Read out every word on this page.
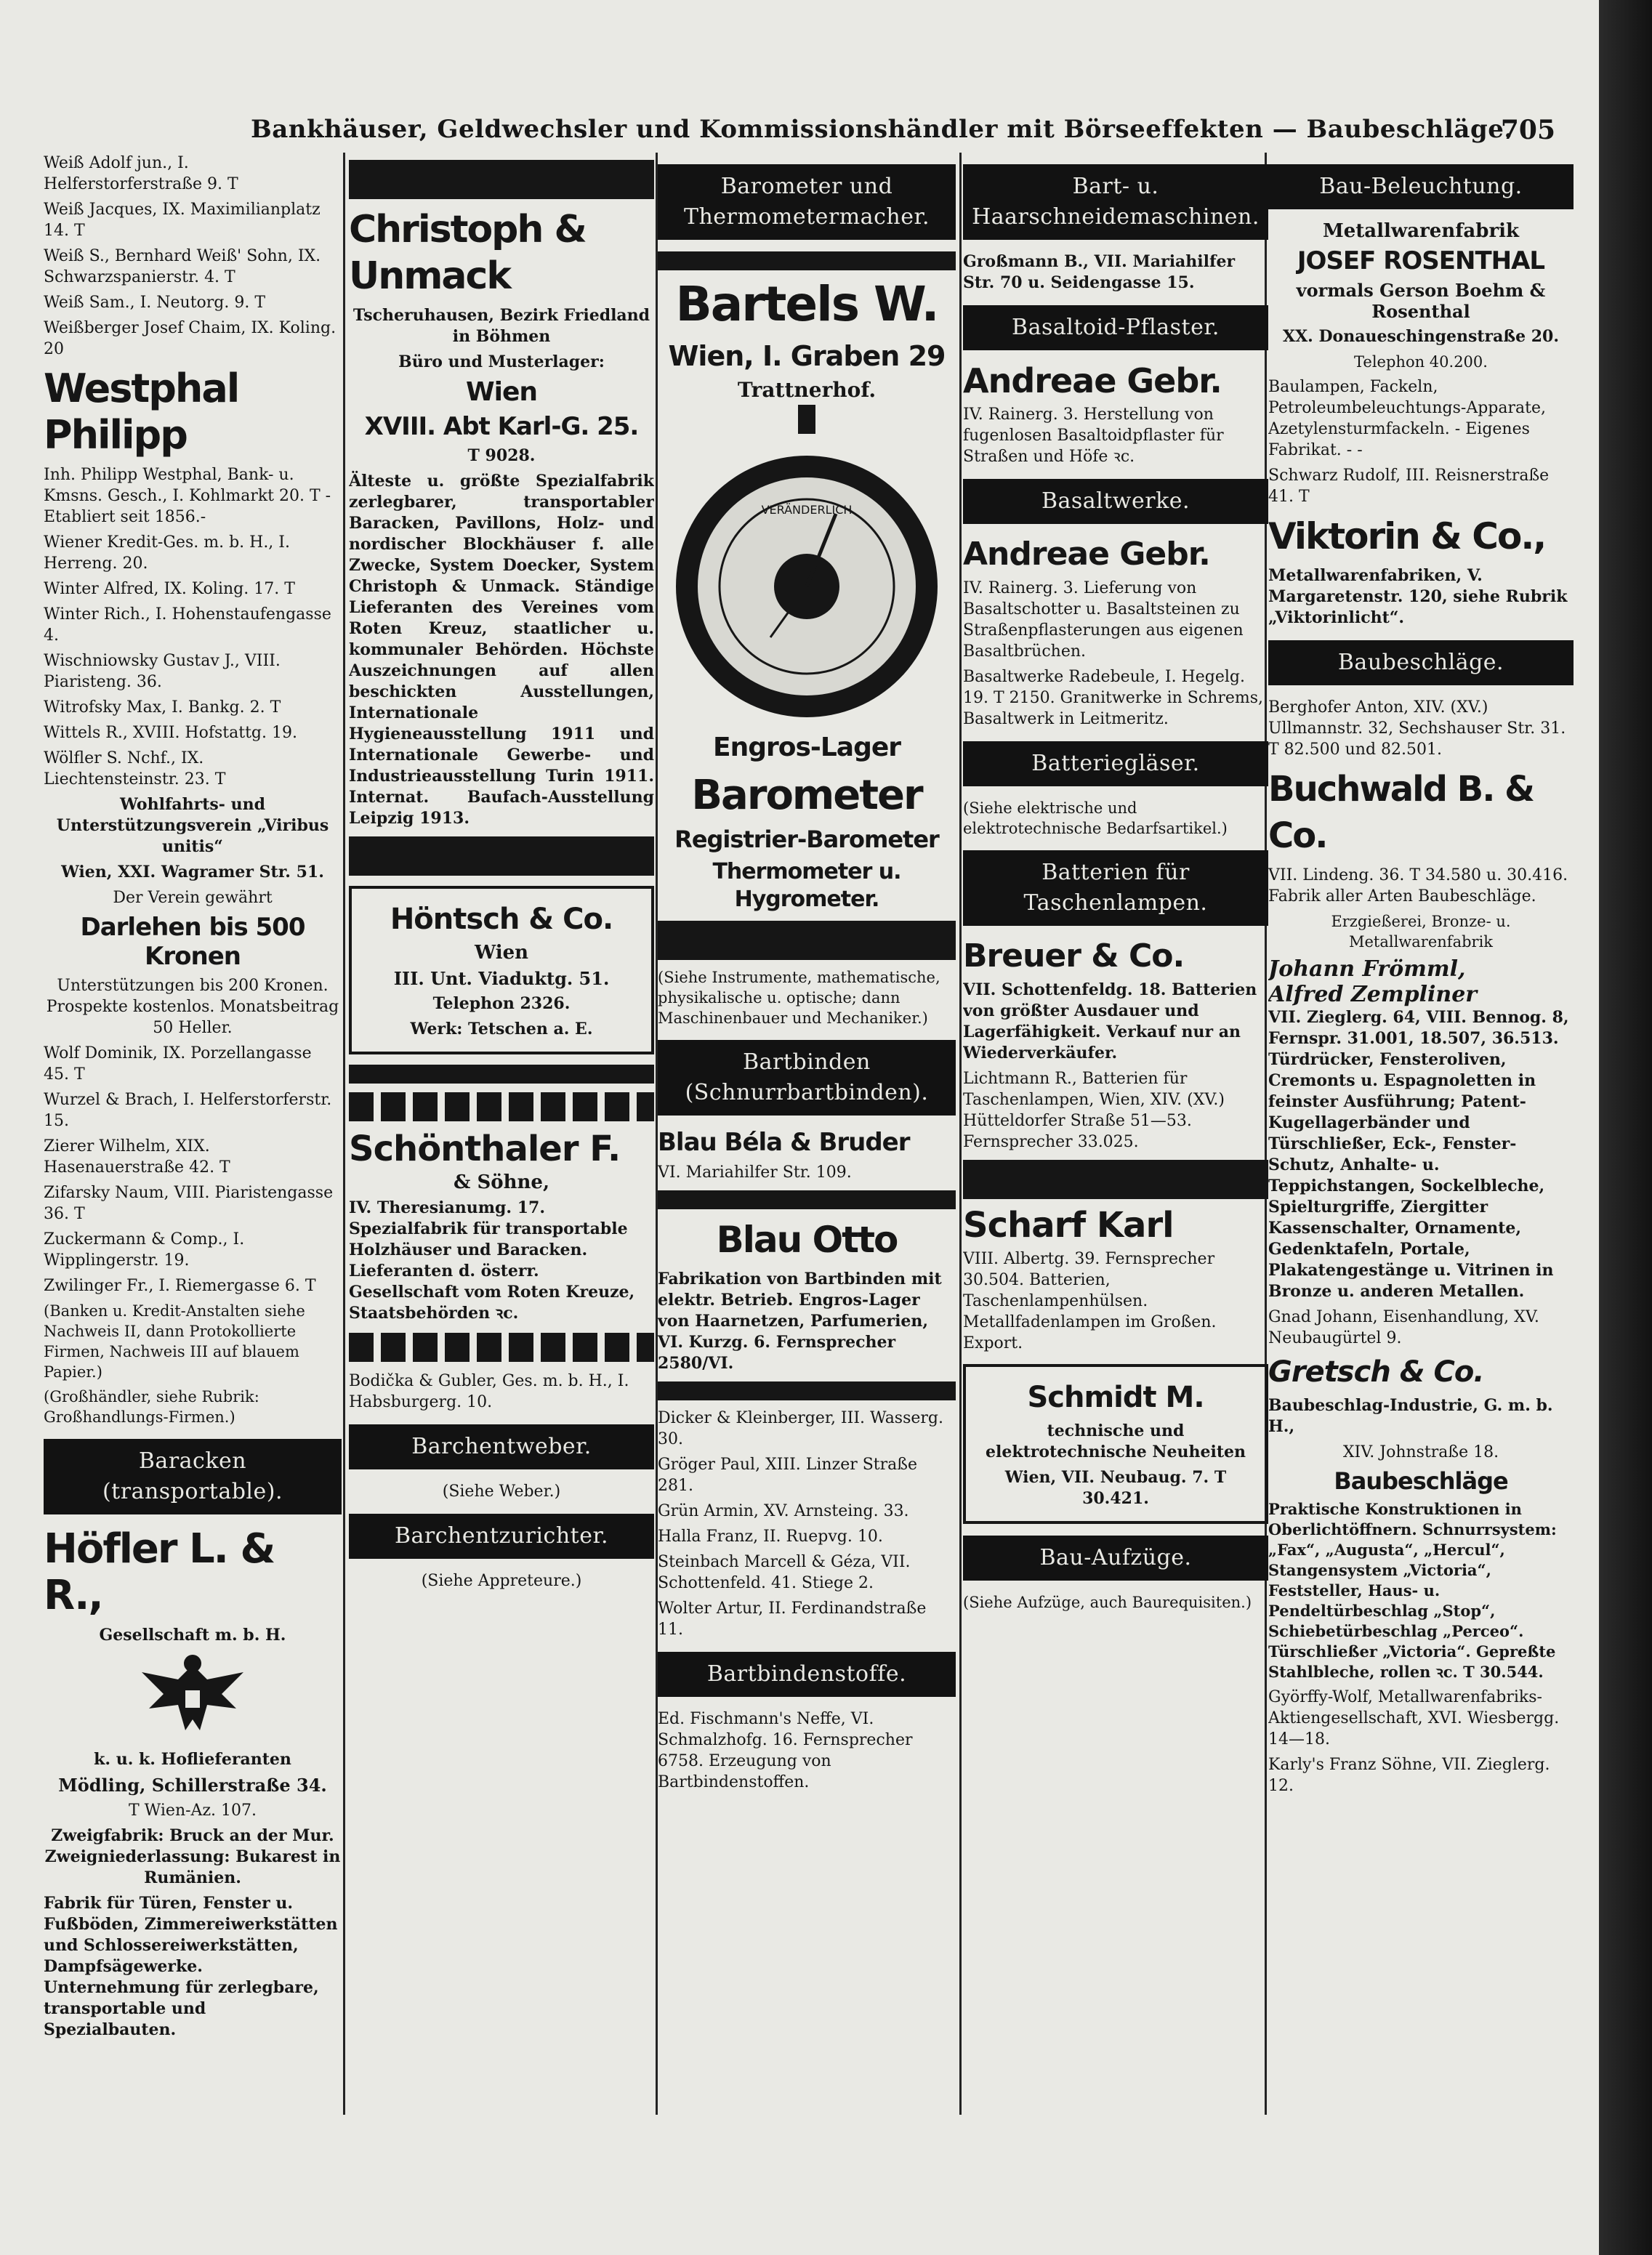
Bankhäuser, Geldwechsler und Kommissionshändler mit Börseeffekten — Baubeschläge.
705
Weiß Adolf jun., I. Helferstorferstraße 9. T
Weiß Jacques, IX. Maximilianplatz 14. T
Weiß S., Bernhard Weiß' Sohn, IX. Schwarzspanierstr. 4. T
Weiß Sam., I. Neutorg. 9. T
Weißberger Josef Chaim, IX. Koling. 20
Westphal Philipp
Inh. Philipp Westphal, Bank- u. Kmsns. Gesch., I. Kohlmarkt 20. T -Etabliert seit 1856.-
Wiener Kredit-Ges. m. b. H., I. Herreng. 20.
Winter Alfred, IX. Koling. 17. T
Winter Rich., I. Hohenstaufengasse 4.
Wischniowsky Gustav J., VIII. Piaristeng. 36.
Witrofsky Max, I. Bankg. 2. T
Wittels R., XVIII. Hofstattg. 19.
Wölfler S. Nchf., IX. Liechtensteinstr. 23. T
Wohlfahrts- und Unterstützungsverein „Viribus unitis“
Wien, XXI. Wagramer Str. 51.
Der Verein gewährt
Darlehen bis 500 Kronen
Unterstützungen bis 200 Kronen. Prospekte kostenlos. Monatsbeitrag 50 Heller.
Wolf Dominik, IX. Porzellangasse 45. T
Wurzel & Brach, I. Helferstorferstr. 15.
Zierer Wilhelm, XIX. Hasenauerstraße 42. T
Zifarsky Naum, VIII. Piaristengasse 36. T
Zuckermann & Comp., I. Wipplingerstr. 19.
Zwilinger Fr., I. Riemergasse 6. T
(Banken u. Kredit-Anstalten siehe Nachweis II, dann Protokollierte Firmen, Nachweis III auf blauem Papier.)
(Großhändler, siehe Rubrik: Großhandlungs-Firmen.)
Baracken (transportable).
Höfler L. & R.,
Gesellschaft m. b. H.
k. u. k. Hoflieferanten
Mödling, Schillerstraße 34.
T Wien-Az. 107.
Zweigfabrik: Bruck an der Mur. Zweigniederlassung: Bukarest in Rumänien.
Fabrik für Türen, Fenster u. Fußböden, Zimmereiwerkstätten und Schlossereiwerkstätten, Dampfsägewerke. Unternehmung für zerlegbare, transportable und Spezialbauten.
Christoph & Unmack
Tscheruhausen, Bezirk Friedland in Böhmen
Büro und Musterlager:
Wien
XVIII. Abt Karl-G. 25.
T 9028.
Älteste u. größte Spezialfabrik zerlegbarer, transportabler Baracken, Pavillons, Holz- und nordischer Blockhäuser f. alle Zwecke, System Doecker, System Christoph & Unmack. Ständige Lieferanten des Vereines vom Roten Kreuz, staatlicher u. kommunaler Behörden. Höchste Auszeichnungen auf allen beschickten Ausstellungen, Internationale Hygieneausstellung 1911 und Internationale Gewerbe- und Industrieausstellung Turin 1911. Internat. Baufach-Ausstellung Leipzig 1913.
Höntsch & Co.
Wien
III. Unt. Viaduktg. 51.
Telephon 2326.
Werk: Tetschen a. E.
Schönthaler F.
& Söhne,
IV. Theresianumg. 17. Spezialfabrik für transportable Holzhäuser und Baracken. Lieferanten d. österr. Gesellschaft vom Roten Kreuze, Staatsbehörden ꝛc.
Bodička & Gubler, Ges. m. b. H., I. Habsburgerg. 10.
Barchentweber.
(Siehe Weber.)
Barchentzurichter.
(Siehe Appreteure.)
Barometer und Thermometermacher.
Bartels W.
Wien, I. Graben 29
Trattnerhof.
VERÄNDERLICH
Engros-Lager
Barometer
Registrier-Barometer
Thermometer u. Hygrometer.
(Siehe Instrumente, mathematische, physikalische u. optische; dann Maschinenbauer und Mechaniker.)
Bartbinden (Schnurrbartbinden).
Blau Béla & Bruder
VI. Mariahilfer Str. 109.
Blau Otto
Fabrikation von Bartbinden mit elektr. Betrieb. Engros-Lager von Haarnetzen, Parfumerien, VI. Kurzg. 6. Fernsprecher 2580/VI.
Dicker & Kleinberger, III. Wasserg. 30.
Gröger Paul, XIII. Linzer Straße 281.
Grün Armin, XV. Arnsteing. 33.
Halla Franz, II. Ruepvg. 10.
Steinbach Marcell & Géza, VII. Schottenfeld. 41. Stiege 2.
Wolter Artur, II. Ferdinandstraße 11.
Bartbindenstoffe.
Ed. Fischmann's Neffe, VI. Schmalzhofg. 16. Fernsprecher 6758. Erzeugung von Bartbindenstoffen.
Bart- u. Haarschneidemaschinen.
Großmann B., VII. Mariahilfer Str. 70 u. Seidengasse 15.
Basaltoid-Pflaster.
Andreae Gebr.
IV. Rainerg. 3. Herstellung von fugenlosen Basaltoidpflaster für Straßen und Höfe ꝛc.
Basaltwerke.
Andreae Gebr.
IV. Rainerg. 3. Lieferung von Basaltschotter u. Basaltsteinen zu Straßenpflasterungen aus eigenen Basaltbrüchen.
Basaltwerke Radebeule, I. Hegelg. 19. T 2150. Granitwerke in Schrems, Basaltwerk in Leitmeritz.
Batteriegläser.
(Siehe elektrische und elektrotechnische Bedarfsartikel.)
Batterien für Taschenlampen.
Breuer & Co.
VII. Schottenfeldg. 18. Batterien von größter Ausdauer und Lagerfähigkeit. Verkauf nur an Wiederverkäufer.
Lichtmann R., Batterien für Taschenlampen, Wien, XIV. (XV.) Hütteldorfer Straße 51—53. Fernsprecher 33.025.
Scharf Karl
VIII. Albertg. 39. Fernsprecher 30.504. Batterien, Taschenlampenhülsen. Metallfadenlampen im Großen. Export.
Schmidt M.
technische und elektrotechnische Neuheiten
Wien, VII. Neubaug. 7. T 30.421.
Bau-Aufzüge.
(Siehe Aufzüge, auch Baurequisiten.)
Bau-Beleuchtung.
Metallwarenfabrik
JOSEF ROSENTHAL
vormals Gerson Boehm & Rosenthal
XX. Donaueschingenstraße 20.
Telephon 40.200.
Baulampen, Fackeln, Petroleumbeleuchtungs-Apparate, Azetylensturmfackeln. - Eigenes Fabrikat. - -
Schwarz Rudolf, III. Reisnerstraße 41. T
Viktorin & Co.,
Metallwarenfabriken, V. Margaretenstr. 120, siehe Rubrik „Viktorinlicht“.
Baubeschläge.
Berghofer Anton, XIV. (XV.) Ullmannstr. 32, Sechshauser Str. 31. T 82.500 und 82.501.
Buchwald B. & Co.
VII. Lindeng. 36. T 34.580 u. 30.416. Fabrik aller Arten Baubeschläge.
Erzgießerei, Bronze- u. Metallwarenfabrik
Johann Frömml,
Alfred Zempliner
VII. Zieglerg. 64, VIII. Bennog. 8, Fernspr. 31.001, 18.507, 36.513. Türdrücker, Fensteroliven, Cremonts u. Espagnoletten in feinster Ausführung; Patent-Kugellagerbänder und Türschließer, Eck-, Fenster-Schutz, Anhalte- u. Teppichstangen, Sockelbleche, Spielturgriffe, Ziergitter Kassenschalter, Ornamente, Gedenktafeln, Portale, Plakatengestänge u. Vitrinen in Bronze u. anderen Metallen.
Gnad Johann, Eisenhandlung, XV. Neubaugürtel 9.
Gretsch & Co.
Baubeschlag-Industrie, G. m. b. H.,
XIV. Johnstraße 18.
Baubeschläge
Praktische Konstruktionen in Oberlichtöffnern. Schnurrsystem: „Fax“, „Augusta“, „Hercul“, Stangensystem „Victoria“, Feststeller, Haus- u. Pendeltürbeschlag „Stop“, Schiebetürbeschlag „Perceo“. Türschließer „Victoria“. Gepreßte Stahlbleche, rollen ꝛc. T 30.544.
Györffy-Wolf, Metallwarenfabriks-Aktiengesellschaft, XVI. Wiesbergg. 14—18.
Karly's Franz Söhne, VII. Zieglerg. 12.
